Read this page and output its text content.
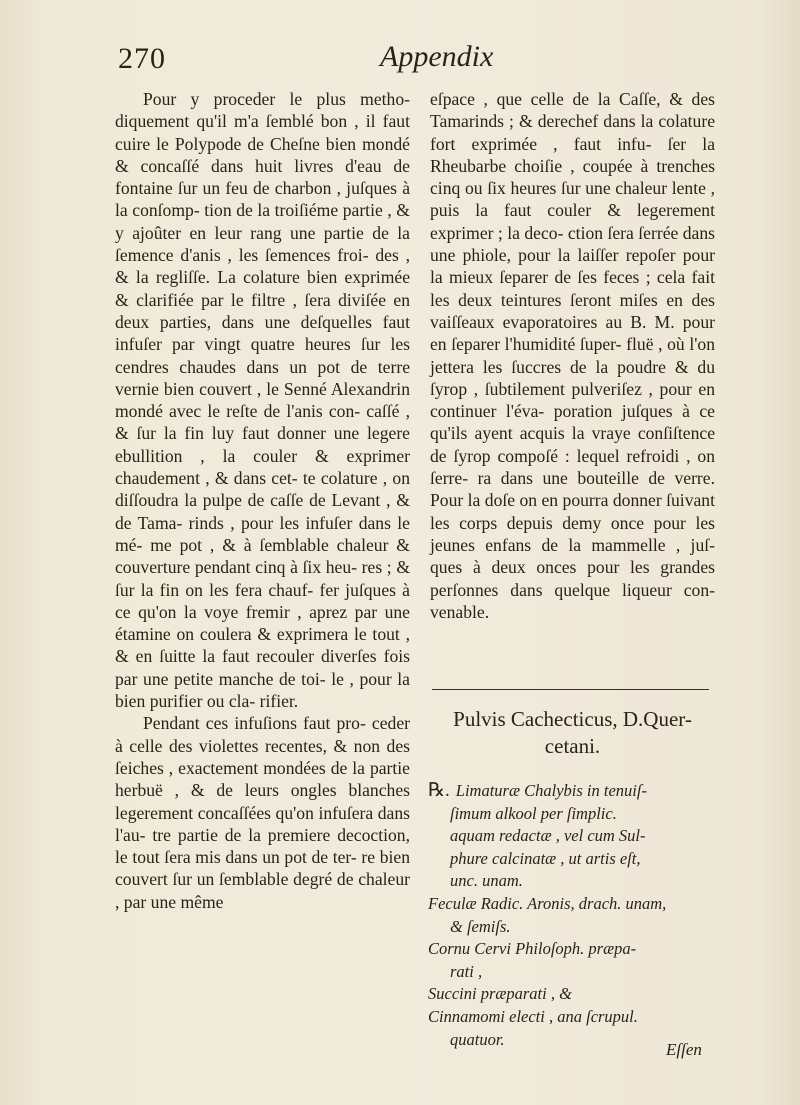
270	Appendix

Pour y proceder le plus metho- diquement qu'il m'a ſemblé bon , il faut cuire le Polypode de Cheſne bien mondé & concaſſé dans huit livres d'eau de fontaine ſur un feu de charbon , juſques à la conſomp- tion de la troiſiéme partie , & y ajoûter en leur rang une partie de la ſemence d'anis , les ſemences froi- des , & la regliſſe. La colature bien exprimée & clarifiée par le filtre , ſera diviſée en deux parties, dans une deſquelles faut infuſer par vingt quatre heures ſur les cendres chaudes dans un pot de terre vernie bien couvert , le Senné Alexandrin mondé avec le reſte de l'anis con- caſſé , & ſur la fin luy faut donner une legere ebullition , la couler & exprimer chaudement , & dans cet- te colature , on diſſoudra la pulpe de caſſe de Levant , & de Tama- rinds , pour les infuſer dans le mé- me pot , & à ſemblable chaleur & couverture pendant cinq à ſix heu- res ; & ſur la fin on les fera chauf- fer juſques à ce qu'on la voye fremir , aprez par une étamine on coulera & exprimera le tout , & en ſuitte la faut recouler diverſes fois par une petite manche de toi- le , pour la bien purifier ou cla- rifier.

Pendant ces infuſions faut pro- ceder à celle des violettes recentes, & non des ſeiches , exactement mondées de la partie herbuë , & de leurs ongles blanches legerement concaſſées qu'on infuſera dans l'au- tre partie de la premiere decoction, le tout ſera mis dans un pot de ter- re bien couvert ſur un ſemblable degré de chaleur , par une même

eſpace , que celle de la Caſſe, & des Tamarinds ; & derechef dans la colature fort exprimée , faut infu- ſer la Rheubarbe choiſie , coupée à trenches cinq ou ſix heures ſur une chaleur lente , puis la faut couler & legerement exprimer ; la deco- ction ſera ſerrée dans une phiole, pour la laiſſer repoſer pour la mieux ſeparer de ſes feces ; cela fait les deux teintures ſeront miſes en des vaiſſeaux evaporatoires au B. M. pour en ſeparer l'humidité ſuper- fluë , où l'on jettera les ſuccres de la poudre & du ſyrop , ſubtilement pulveriſez , pour en continuer l'éva- poration juſques à ce qu'ils ayent acquis la vraye conſiſtence de ſyrop compoſé : lequel refroidi , on ſerre- ra dans une bouteille de verre. Pour la doſe on en pourra donner ſuivant les corps depuis demy once pour les jeunes enfans de la mammelle , juſ- ques à deux onces pour les grandes perſonnes dans quelque liqueur con- venable.

Pulvis Cachecticus, D.Quer- cetani.
℞. Limaturæ Chalybis in tenuiſ-
ſimum alkool per ſimplic.
aquam redactæ , vel cum Sul-
phure calcinatæ , ut artis eſt,
unc. unam.
Feculæ Radic. Aronis, drach. unam,
& ſemiſs.
Cornu Cervi Philoſoph. præpa-
rati ,
Succini præparati , &
Cinnamomi electi , ana ſcrupul.
quatuor.
Eſſen
